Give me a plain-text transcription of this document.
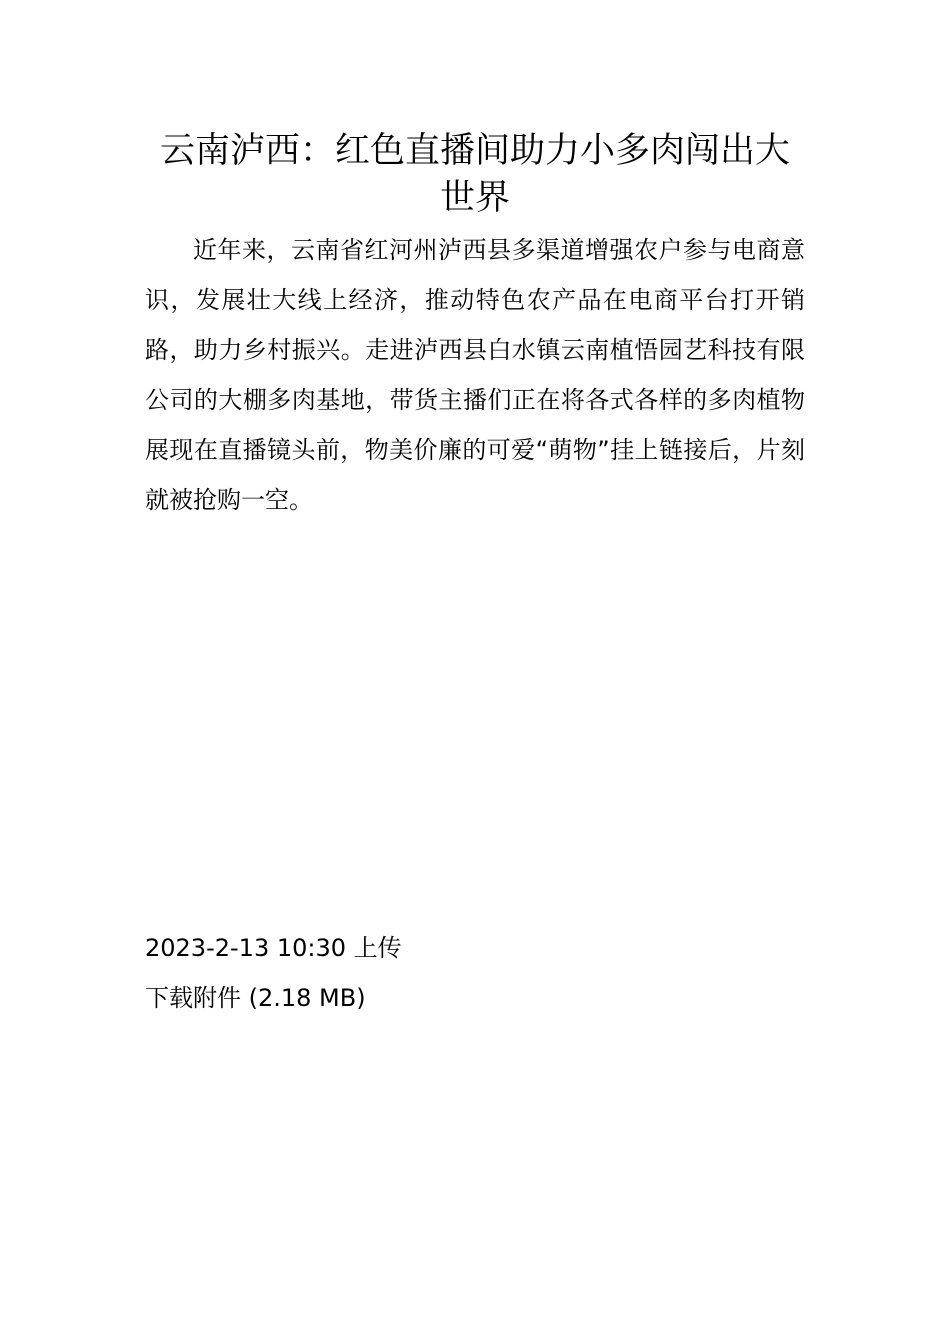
云南泸西：红色直播间助力小多肉闯出大世界

近年来，云南省红河州泸西县多渠道增强农户参与电商意识，发展壮大线上经济，推动特色农产品在电商平台打开销路，助力乡村振兴。走进泸西县白水镇云南植悟园艺科技有限公司的大棚多肉基地，带货主播们正在将各式各样的多肉植物展现在直播镜头前，物美价廉的可爱“萌物”挂上链接后，片刻就被抢购一空。

2023-2-13 10:30 上传
下载附件 (2.18 MB)
